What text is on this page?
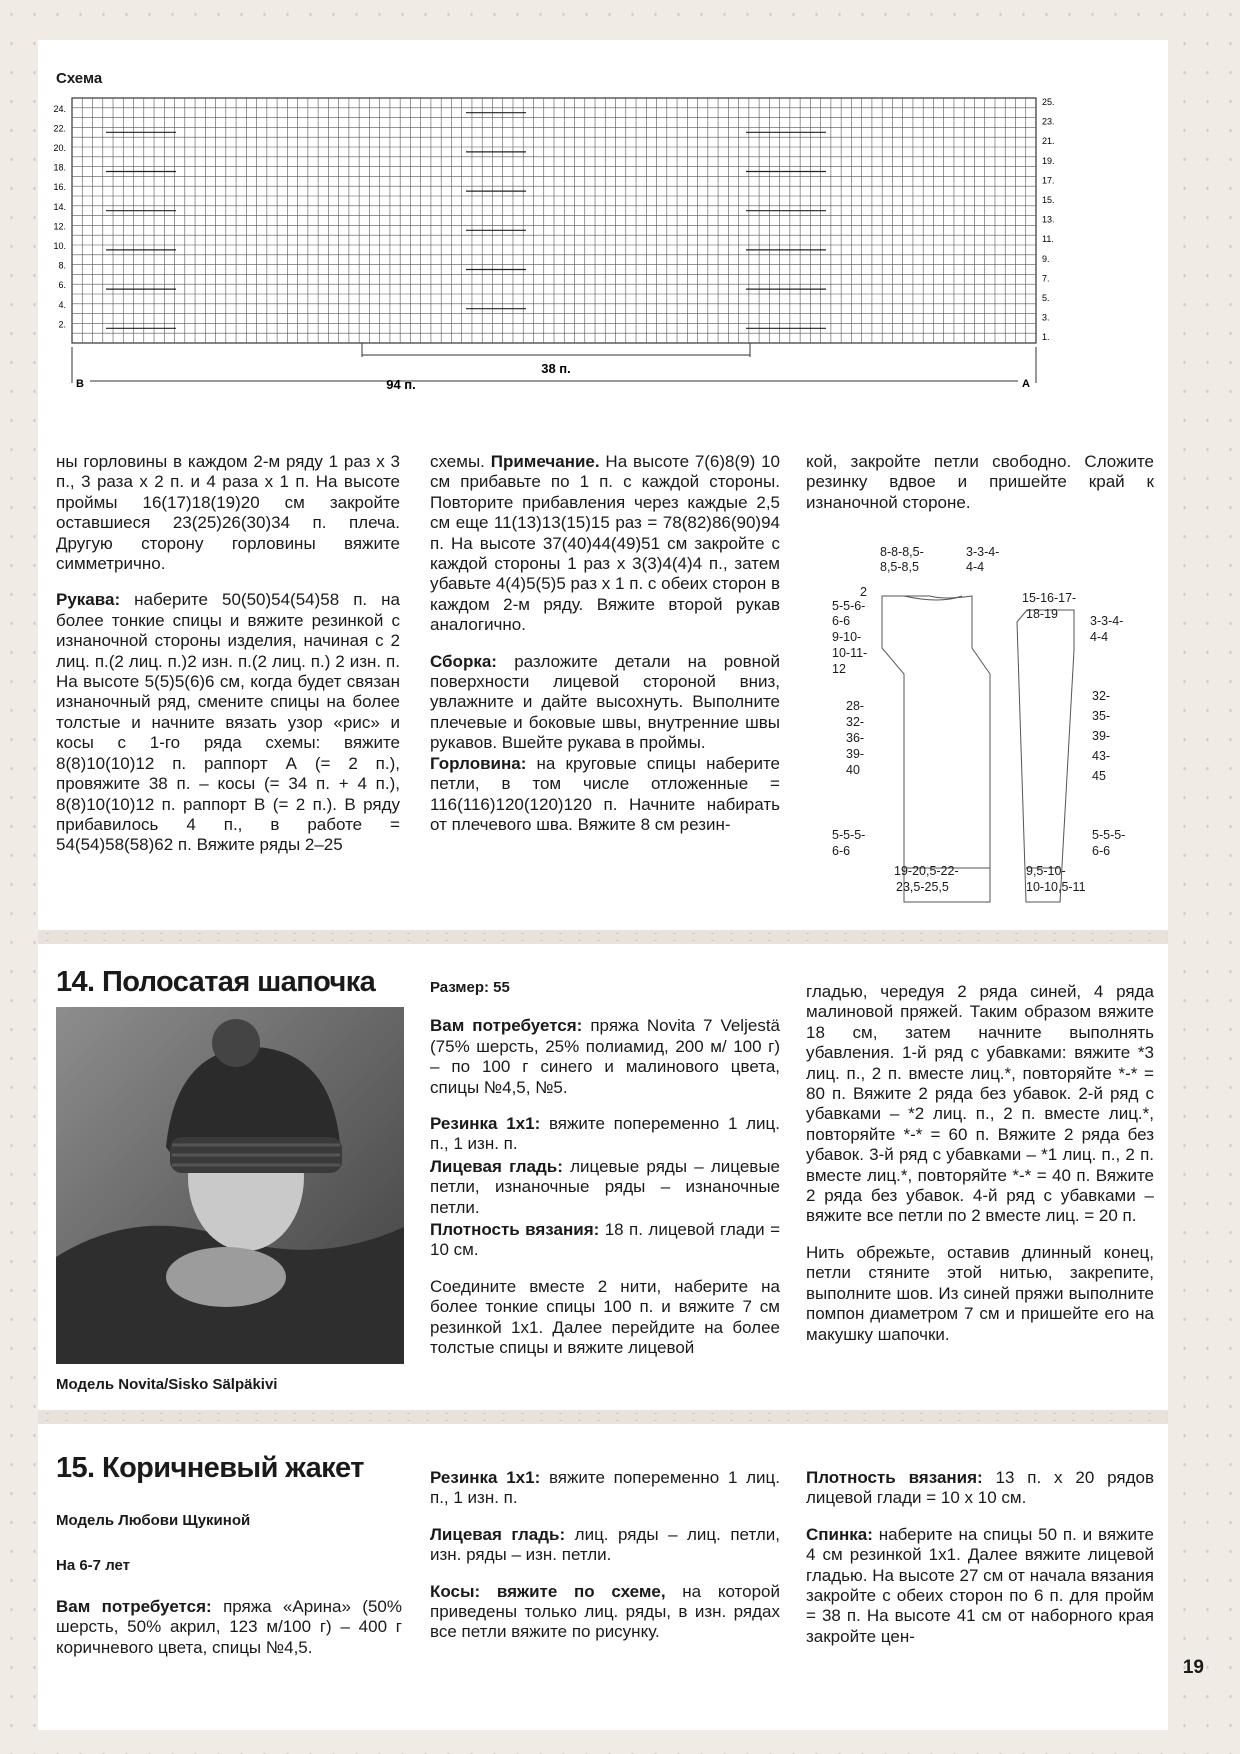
Схема
24.
22.
20.
18.
16.
14.
12.
10.
8.
6.
4.
2.
25.
23.
21.
19.
17.
15.
13.
11.
9.
7.
5.
3.
1.
38 п.
94 п.
B	A

ны горловины в каждом 2-м ряду 1 раз х 3 п., 3 раза х 2 п. и 4 раза х 1 п. На высоте проймы 16(17)18(19)20 см закройте оставшиеся 23(25)26(30)34 п. плеча. Другую сторону горловины вяжите симметрично.

Рукава: наберите 50(50)54(54)58 п. на более тонкие спицы и вяжите резинкой с изнаночной стороны изделия, начиная с 2 лиц. п.(2 лиц. п.)2 изн. п.(2 лиц. п.) 2 изн. п. На высоте 5(5)5(6)6 см, когда будет связан изнаночный ряд, смените спицы на более толстые и начните вязать узор «рис» и косы с 1-го ряда схемы: вяжите 8(8)10(10)12 п. раппорт А (= 2 п.), провяжите 38 п. – косы (= 34 п. + 4 п.), 8(8)10(10)12 п. раппорт В (= 2 п.). В ряду прибавилось 4 п., в работе = 54(54)58(58)62 п. Вяжите ряды 2–25

схемы. Примечание. На высоте 7(6)8(9) 10 см прибавьте по 1 п. с каждой стороны. Повторите прибавления через каждые 2,5 см еще 11(13)13(15)15 раз = 78(82)86(90)94 п. На высоте 37(40)44(49)51 см закройте с каждой стороны 1 раз х 3(3)4(4)4 п., затем убавьте 4(4)5(5)5 раз х 1 п. с обеих сторон в каждом 2-м ряду. Вяжите второй рукав аналогично.

Сборка: разложите детали на ровной поверхности лицевой стороной вниз, увлажните и дайте высохнуть. Выполните плечевые и боковые швы, внутренние швы рукавов. Вшейте рукава в проймы.

Горловина: на круговые спицы наберите петли, в том числе отложенные = 116(116)120(120)120 п. Начните набирать от плечевого шва. Вяжите 8 см резин-

кой, закройте петли свободно. Сложите резинку вдвое и пришейте край к изнаночной стороне.

8-8-8,5-
8,5-8,5
3-3-4-
4-4
2
5-5-6-
6-6
9-10-
10-11-
12
28-
32-
36-
39-
40
5-5-5-
6-6
19-20,5-22-
23,5-25,5
15-16-17-
18-19	3-3-4-
4-4
32-
35-
39-
43-
45
5-5-5-
6-6
9,5-10-
10-10,5-11
14. Полосатая шапочка
Модель Novita/Sisko Sälpäkivi

Размер: 55

Вам потребуется: пряжа Novita 7 Veljestä (75% шерсть, 25% полиамид, 200 м/ 100 г) – по 100 г синего и малинового цвета, спицы №4,5, №5.

Резинка 1х1: вяжите попеременно 1 лиц. п., 1 изн. п.

Лицевая гладь: лицевые ряды – лицевые петли, изнаночные ряды – изнаночные петли.

Плотность вязания: 18 п. лицевой глади = 10 см.

Соедините вместе 2 нити, наберите на более тонкие спицы 100 п. и вяжите 7 см резинкой 1х1. Далее перейдите на более толстые спицы и вяжите лицевой

гладью, чередуя 2 ряда синей, 4 ряда малиновой пряжей. Таким образом вяжите 18 см, затем начните выполнять убавления. 1-й ряд с убавками: вяжите *3 лиц. п., 2 п. вместе лиц.*, повторяйте *-* = 80 п. Вяжите 2 ряда без убавок. 2-й ряд с убавками – *2 лиц. п., 2 п. вместе лиц.*, повторяйте *-* = 60 п. Вяжите 2 ряда без убавок. 3-й ряд с убавками – *1 лиц. п., 2 п. вместе лиц.*, повторяйте *-* = 40 п. Вяжите 2 ряда без убавок. 4-й ряд с убавками – вяжите все петли по 2 вместе лиц. = 20 п.

Нить обрежьте, оставив длинный конец, петли стяните этой нитью, закрепите, выполните шов. Из синей пряжи выполните помпон диаметром 7 см и пришейте его на макушку шапочки.

15. Коричневый жакет
Модель Любови Щукиной
На 6-7 лет

Вам потребуется: пряжа «Арина» (50% шерсть, 50% акрил, 123 м/100 г) – 400 г коричневого цвета, спицы №4,5.

Резинка 1х1: вяжите попеременно 1 лиц. п., 1 изн. п.

Лицевая гладь: лиц. ряды – лиц. петли, изн. ряды – изн. петли.

Косы: вяжите по схеме, на которой приведены только лиц. ряды, в изн. рядах все петли вяжите по рисунку.

Плотность вязания: 13 п. х 20 рядов лицевой глади = 10 х 10 см.

Спинка: наберите на спицы 50 п. и вяжите 4 см резинкой 1х1. Далее вяжите лицевой гладью. На высоте 27 см от начала вязания закройте с обеих сторон по 6 п. для пройм = 38 п. На высоте 41 см от наборного края закройте цен-

19
